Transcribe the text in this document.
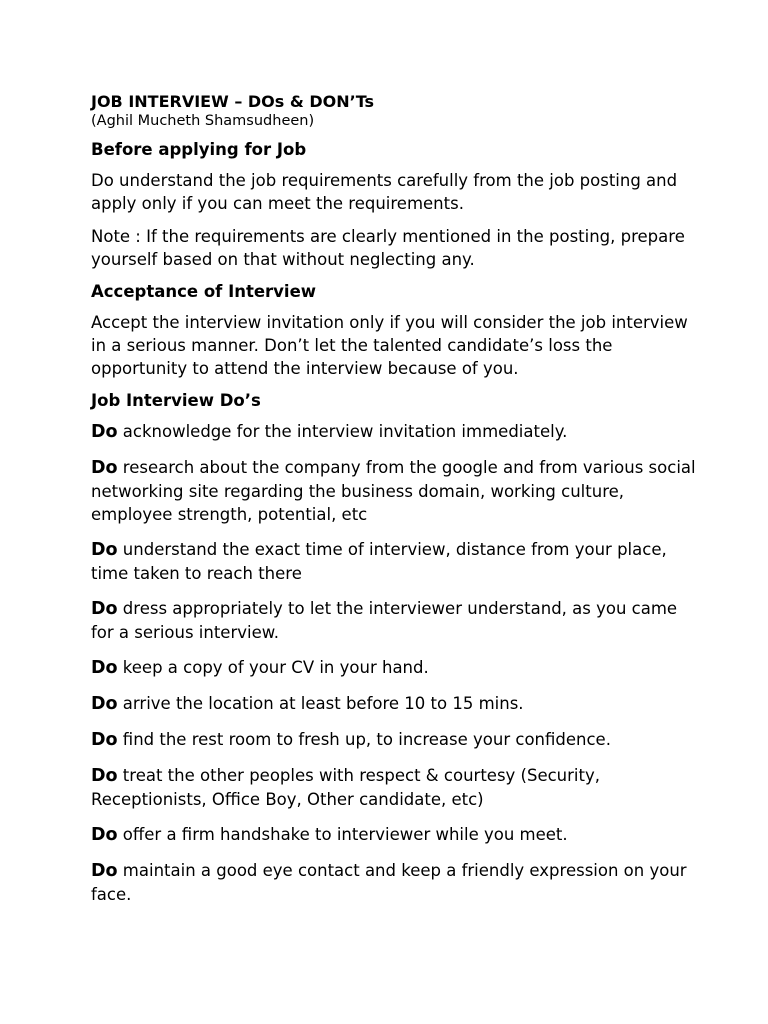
JOB INTERVIEW – DOs & DON’Ts
(Aghil Mucheth Shamsudheen)
Before applying for Job

Do understand the job requirements carefully from the job posting and apply only if you can meet the requirements.

Note : If the requirements are clearly mentioned in the posting, prepare yourself based on that without neglecting any.

Acceptance of Interview

Accept the interview invitation only if you will consider the job interview in a serious manner. Don’t let the talented candidate’s loss the opportunity to attend the interview because of you.

Job Interview Do’s

Do acknowledge for the interview invitation immediately.

Do research about the company from the google and from various social networking site regarding the business domain, working culture, employee strength, potential, etc

Do understand the exact time of interview, distance from your place, time taken to reach there

Do dress appropriately to let the interviewer understand, as you came for a serious interview.

Do keep a copy of your CV in your hand.

Do arrive the location at least before 10 to 15 mins.

Do find the rest room to fresh up, to increase your confidence.

Do treat the other peoples with respect & courtesy (Security, Receptionists, Office Boy, Other candidate, etc)

Do offer a firm handshake to interviewer while you meet.

Do maintain a good eye contact and keep a friendly expression on your face.
